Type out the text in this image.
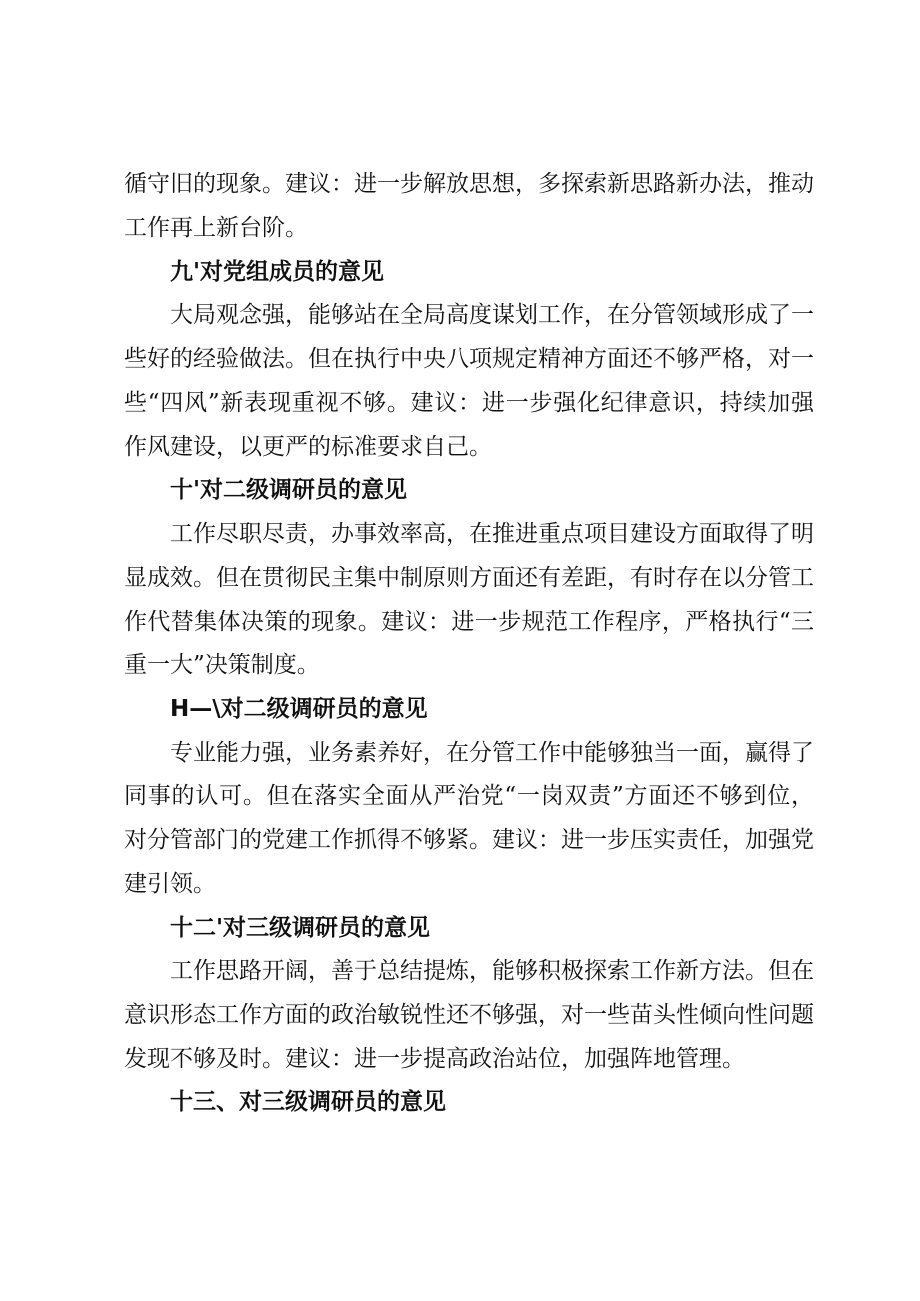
循守旧的现象。建议：进一步解放思想，多探索新思路新办法，推动
工作再上新台阶。
九'对党组成员的意见
大局观念强，能够站在全局高度谋划工作，在分管领域形成了一
些好的经验做法。但在执行中央八项规定精神方面还不够严格，对一
些“四风”新表现重视不够。建议：进一步强化纪律意识，持续加强
作风建设，以更严的标准要求自己。
十'对二级调研员的意见
工作尽职尽责，办事效率高，在推进重点项目建设方面取得了明
显成效。但在贯彻民主集中制原则方面还有差距，有时存在以分管工
作代替集体决策的现象。建议：进一步规范工作程序，严格执行“三
重一大”决策制度。
H—\对二级调研员的意见
专业能力强，业务素养好，在分管工作中能够独当一面，赢得了
同事的认可。但在落实全面从严治党“一岗双责”方面还不够到位，
对分管部门的党建工作抓得不够紧。建议：进一步压实责任，加强党
建引领。
十二'对三级调研员的意见
工作思路开阔，善于总结提炼，能够积极探索工作新方法。但在
意识形态工作方面的政治敏锐性还不够强，对一些苗头性倾向性问题
发现不够及时。建议：进一步提高政治站位，加强阵地管理。
十三、对三级调研员的意见
